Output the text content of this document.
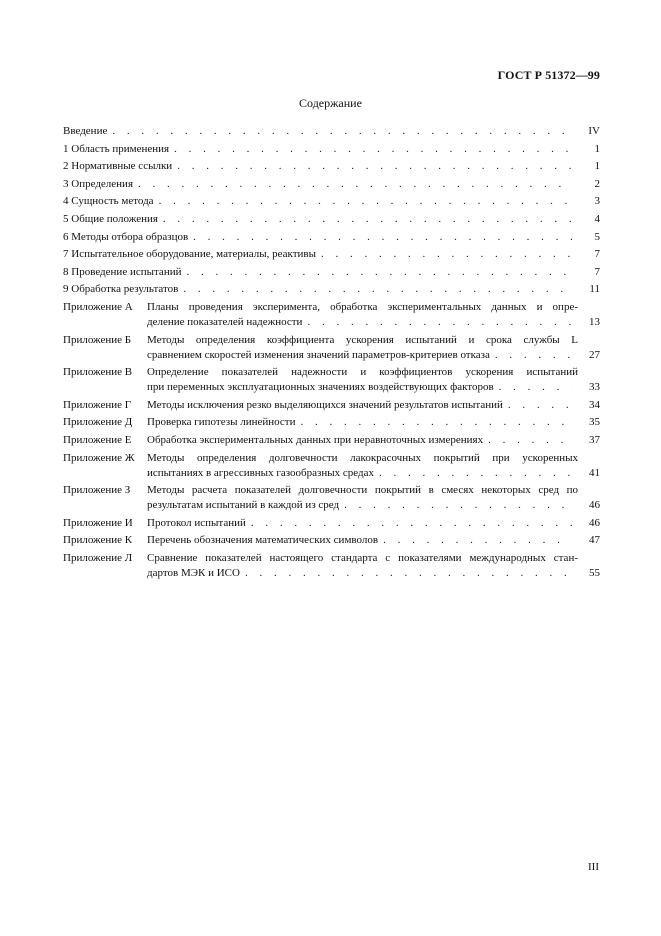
ГОСТ Р 51372—99
Содержание
Введение . . .	IV
1 Область применения . . .	1
2 Нормативные ссылки . . .	1
3 Определения . . .	2
4 Сущность метода . . .	3
5 Общие положения . . .	4
6 Методы отбора образцов . . .	5
7 Испытательное оборудование, материалы, реактивы . . .	7
8 Проведение испытаний . . .	7
9 Обработка результатов . . .	11
Приложение А	Планы проведения эксперимента, обработка экспериментальных данных и опре-
деление показателей надежности . . .	13
Приложение Б	Методы определения коэффициента ускорения испытаний и срока службы L
сравнением скоростей изменения значений параметров-критериев отказа . . .	27
Приложение В	Определение показателей надежности и коэффициентов ускорения испытаний
при переменных эксплуатационных значениях воздействующих факторов . . .	33
Приложение Г	Методы исключения резко выделяющихся значений результатов испытаний . . .	34
Приложение Д	Проверка гипотезы линейности . . .	35
Приложение Е	Обработка экспериментальных данных при неравноточных измерениях . . .	37
Приложение Ж	Методы определения долговечности лакокрасочных покрытий при ускоренных
испытаниях в агрессивных газообразных средах . . .	41
Приложение З	Методы расчета показателей долговечности покрытий в смесях некоторых сред по
результатам испытаний в каждой из сред . . .	46
Приложение И	Протокол испытаний . . .	46
Приложение К	Перечень обозначения математических символов . . .	47
Приложение Л	Сравнение показателей настоящего стандарта с показателями международных стан-
дартов МЭК и ИСО . . .	55
III
